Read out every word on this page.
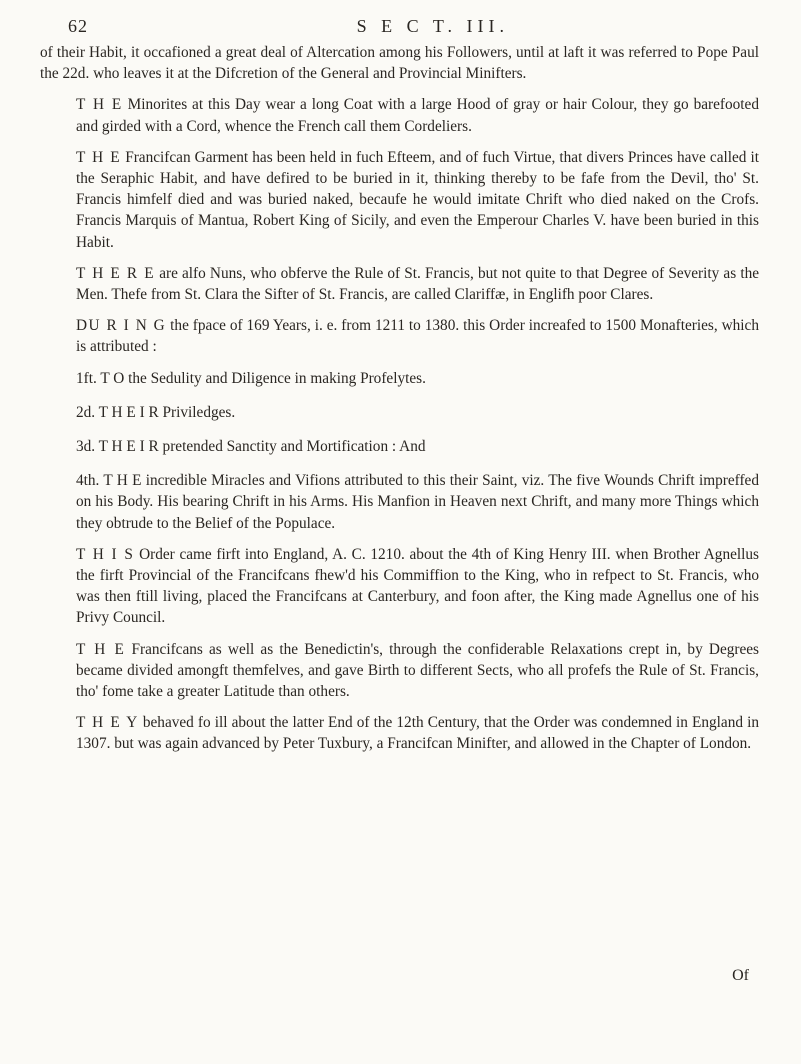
62	S E C T. III.

of their Habit, it occafioned a great deal of Altercation among his Followers, until at laft it was referred to Pope Paul the 22d. who leaves it at the Difcretion of the General and Provincial Minifters.

T H E Minorites at this Day wear a long Coat with a large Hood of gray or hair Colour, they go barefooted and girded with a Cord, whence the French call them Cordeliers.

T H E Francifcan Garment has been held in fuch Efteem, and of fuch Virtue, that divers Princes have called it the Seraphic Habit, and have defired to be buried in it, thinking thereby to be fafe from the Devil, tho' St. Francis himfelf died and was buried naked, becaufe he would imitate Chrift who died naked on the Crofs. Francis Marquis of Mantua, Robert King of Sicily, and even the Emperour Charles V. have been buried in this Habit.

T H E R E are alfo Nuns, who obferve the Rule of St. Francis, but not quite to that Degree of Severity as the Men. Thefe from St. Clara the Sifter of St. Francis, are called Clariffæ, in Englifh poor Clares.

DU R I N G the fpace of 169 Years, i. e. from 1211 to 1380. this Order increafed to 1500 Monafteries, which is attributed :

1ft. T O the Sedulity and Diligence in making Profelytes.

2d. T H E I R Priviledges.

3d. T H E I R pretended Sanctity and Mortification : And

4th. T H E incredible Miracles and Vifions attributed to this their Saint, viz. The five Wounds Chrift impreffed on his Body. His bearing Chrift in his Arms. His Manfion in Heaven next Chrift, and many more Things which they obtrude to the Belief of the Populace.

T H I S Order came firft into England, A. C. 1210. about the 4th of King Henry III. when Brother Agnellus the firft Provincial of the Francifcans fhew'd his Commiffion to the King, who in refpect to St. Francis, who was then ftill living, placed the Francifcans at Canterbury, and foon after, the King made Agnellus one of his Privy Council.

T H E Francifcans as well as the Benedictin's, through the confiderable Relaxations crept in, by Degrees became divided amongft themfelves, and gave Birth to different Sects, who all profefs the Rule of St. Francis, tho' fome take a greater Latitude than others.

T H E Y behaved fo ill about the latter End of the 12th Century, that the Order was condemned in England in 1307. but was again advanced by Peter Tuxbury, a Francifcan Minifter, and allowed in the Chapter of London.

Of
